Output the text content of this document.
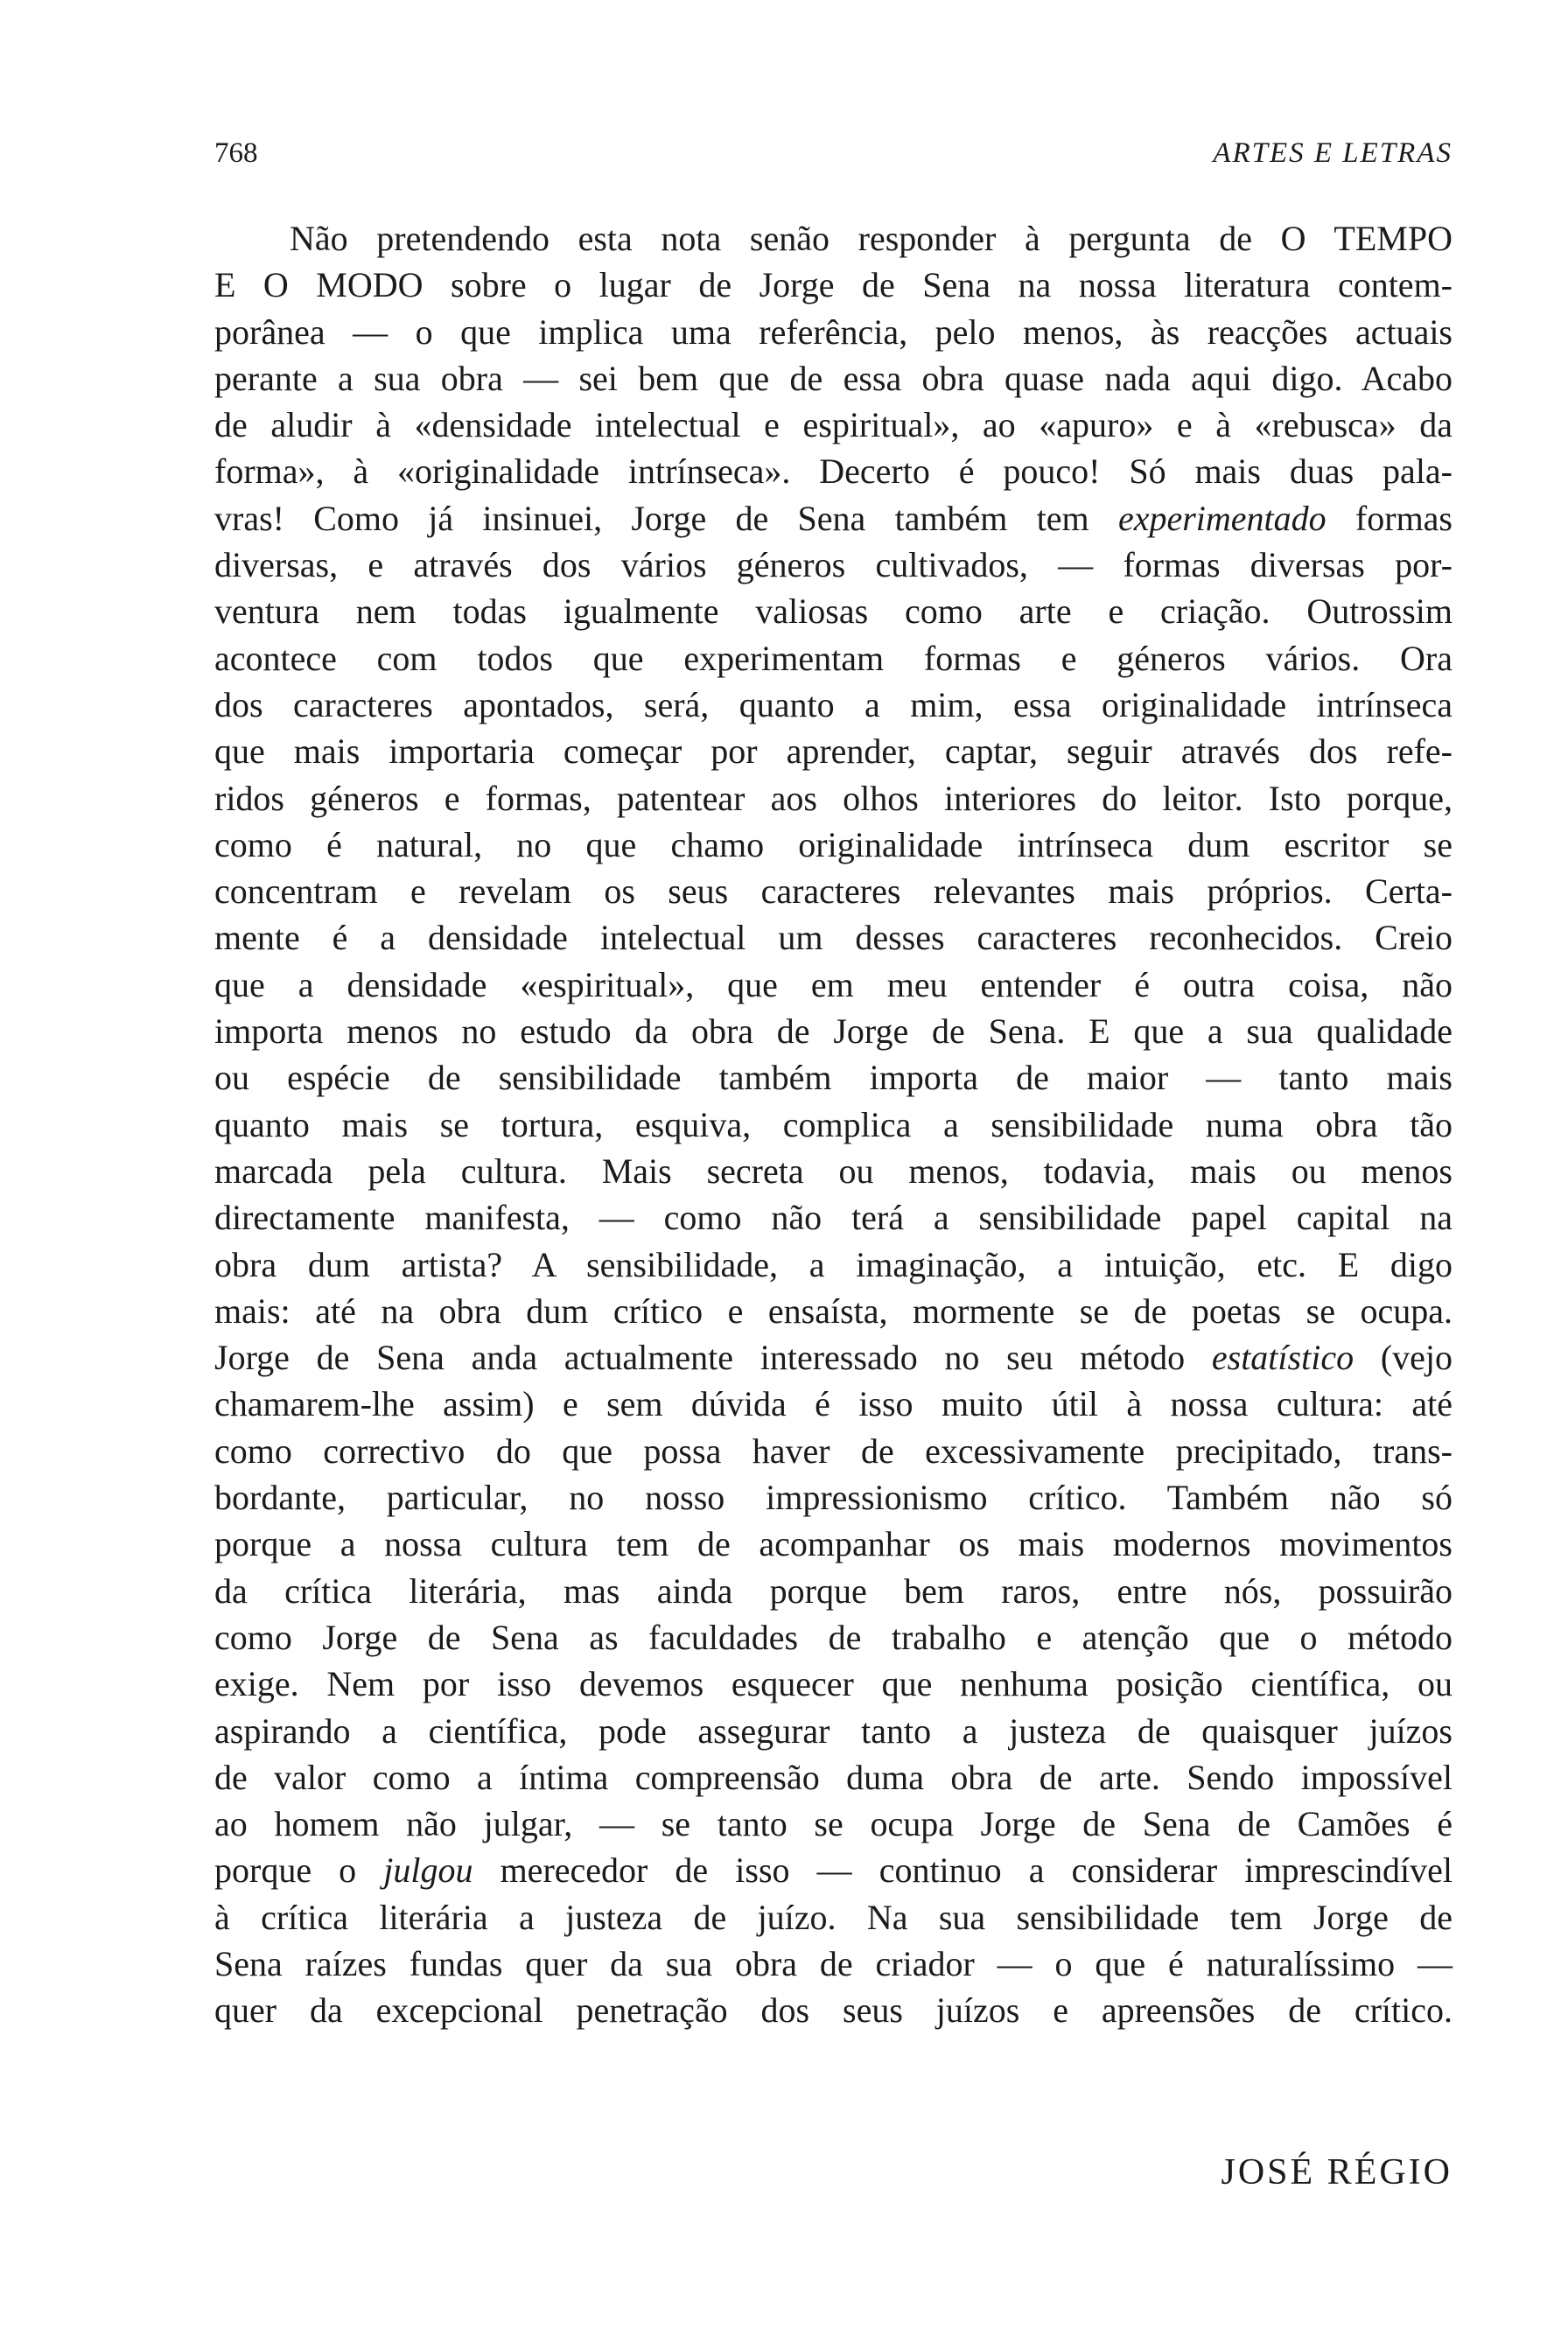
768	ARTES E LETRAS
Não pretendendo esta nota senão responder à pergunta de O TEMPO
E O MODO sobre o lugar de Jorge de Sena na nossa literatura contem-
porânea — o que implica uma referência, pelo menos, às reacções actuais
perante a sua obra — sei bem que de essa obra quase nada aqui digo. Acabo
de aludir à «densidade intelectual e espiritual», ao «apuro» e à «rebusca» da
forma», à «originalidade intrínseca». Decerto é pouco! Só mais duas pala-
vras! Como já insinuei, Jorge de Sena também tem experimentado formas
diversas, e através dos vários géneros cultivados, — formas diversas por-
ventura nem todas igualmente valiosas como arte e criação. Outrossim
acontece com todos que experimentam formas e géneros vários. Ora
dos caracteres apontados, será, quanto a mim, essa originalidade intrínseca
que mais importaria começar por aprender, captar, seguir através dos refe-
ridos géneros e formas, patentear aos olhos interiores do leitor. Isto porque,
como é natural, no que chamo originalidade intrínseca dum escritor se
concentram e revelam os seus caracteres relevantes mais próprios. Certa-
mente é a densidade intelectual um desses caracteres reconhecidos. Creio
que a densidade «espiritual», que em meu entender é outra coisa, não
importa menos no estudo da obra de Jorge de Sena. E que a sua qualidade
ou espécie de sensibilidade também importa de maior — tanto mais
quanto mais se tortura, esquiva, complica a sensibilidade numa obra tão
marcada pela cultura. Mais secreta ou menos, todavia, mais ou menos
directamente manifesta, — como não terá a sensibilidade papel capital na
obra dum artista? A sensibilidade, a imaginação, a intuição, etc. E digo
mais: até na obra dum crítico e ensaísta, mormente se de poetas se ocupa.
Jorge de Sena anda actualmente interessado no seu método estatístico (vejo
chamarem-lhe assim) e sem dúvida é isso muito útil à nossa cultura: até
como correctivo do que possa haver de excessivamente precipitado, trans-
bordante, particular, no nosso impressionismo crítico. Também não só
porque a nossa cultura tem de acompanhar os mais modernos movimentos
da crítica literária, mas ainda porque bem raros, entre nós, possuirão
como Jorge de Sena as faculdades de trabalho e atenção que o método
exige. Nem por isso devemos esquecer que nenhuma posição científica, ou
aspirando a científica, pode assegurar tanto a justeza de quaisquer juízos
de valor como a íntima compreensão duma obra de arte. Sendo impossível
ao homem não julgar, — se tanto se ocupa Jorge de Sena de Camões é
porque o julgou merecedor de isso — continuo a considerar imprescindível
à crítica literária a justeza de juízo. Na sua sensibilidade tem Jorge de
Sena raízes fundas quer da sua obra de criador — o que é naturalíssimo —
quer da excepcional penetração dos seus juízos e apreensões de crítico.
JOSÉ RÉGIO
